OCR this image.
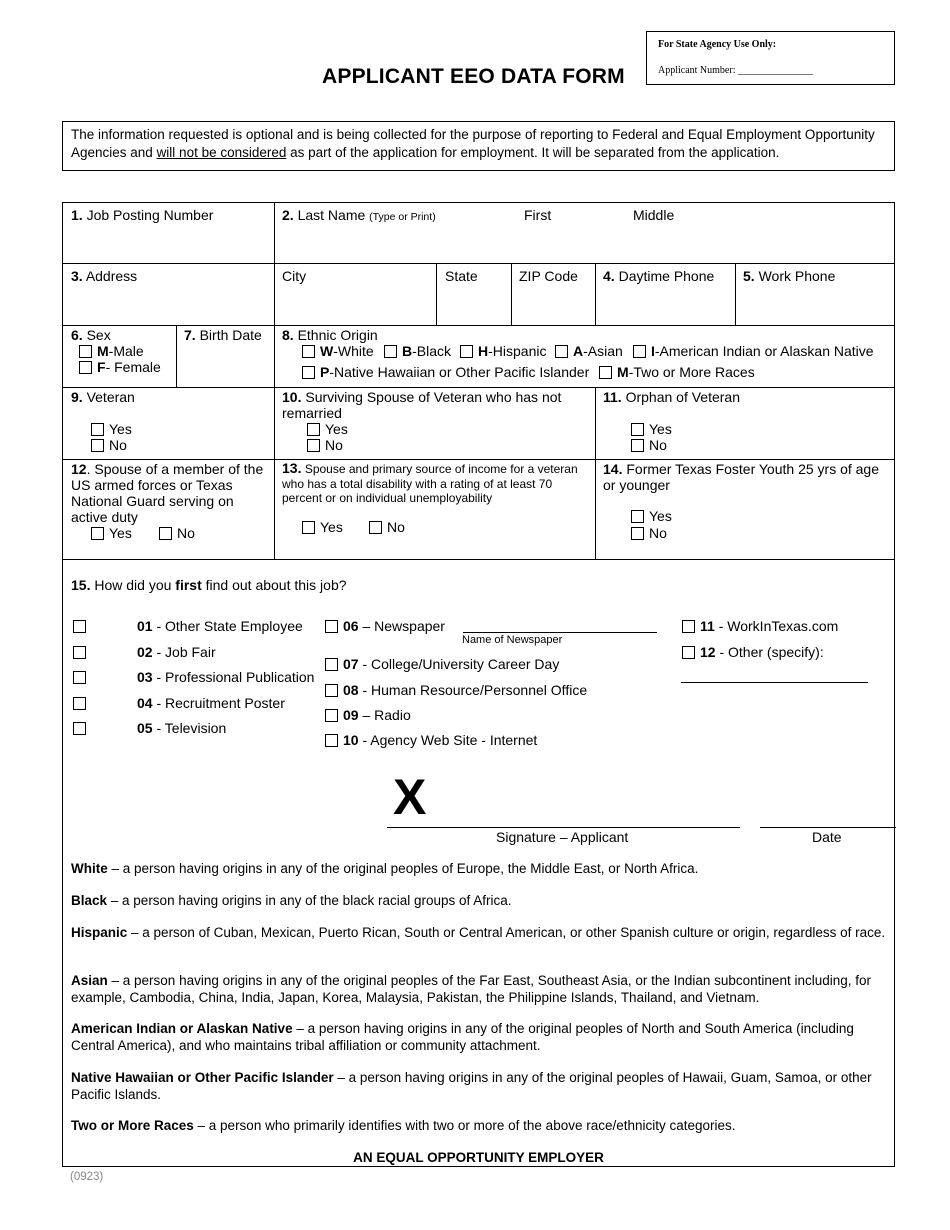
For State Agency Use Only:
Applicant Number: _______________
APPLICANT EEO DATA FORM
The information requested is optional and is being collected for the purpose of reporting to Federal and Equal Employment Opportunity Agencies and will not be considered as part of the application for employment. It will be separated from the application.
1. Job Posting Number	2. Last Name (Type or Print)	First	Middle
3. Address	City	State	ZIP Code 4. Daytime Phone 5. Work Phone
6. Sex
M-Male
F- Female
7. Birth Date 8. Ethnic Origin
W-White	B-Black	H-Hispanic	A-Asian	I-American Indian or Alaskan Native
P-Native Hawaiian or Other Pacific Islander	M-Two or More Races
9. Veteran
Yes
No
10. Surviving Spouse of Veteran who has not remarried
Yes
No
11. Orphan of Veteran
Yes
No
12. Spouse of a member of the US armed forces or Texas National Guard serving on active duty
Yes	No
13. Spouse and primary source of income for a veteran who has a total disability with a rating of at least 70 percent or on individual unemployability
Yes	No
14. Former Texas Foster Youth 25 yrs of age or younger
Yes
No
15. How did you first find out about this job?
01 - Other State Employee
02 - Job Fair
03 - Professional Publication
04 - Recruitment Poster
05 - Television
06 – Newspaper
Name of Newspaper
07 - College/University Career Day
08 - Human Resource/Personnel Office
09 – Radio
10 - Agency Web Site - Internet
11 - WorkInTexas.com
12 - Other (specify):
X
Signature – Applicant	Date

White – a person having origins in any of the original peoples of Europe, the Middle East, or North Africa.

Black – a person having origins in any of the black racial groups of Africa.

Hispanic – a person of Cuban, Mexican, Puerto Rican, South or Central American, or other Spanish culture or origin, regardless of race.

Asian – a person having origins in any of the original peoples of the Far East, Southeast Asia, or the Indian subcontinent including, for example, Cambodia, China, India, Japan, Korea, Malaysia, Pakistan, the Philippine Islands, Thailand, and Vietnam.

American Indian or Alaskan Native – a person having origins in any of the original peoples of North and South America (including Central America), and who maintains tribal affiliation or community attachment.

Native Hawaiian or Other Pacific Islander – a person having origins in any of the original peoples of Hawaii, Guam, Samoa, or other Pacific Islands.

Two or More Races – a person who primarily identifies with two or more of the above race/ethnicity categories.

AN EQUAL OPPORTUNITY EMPLOYER
(0923)
